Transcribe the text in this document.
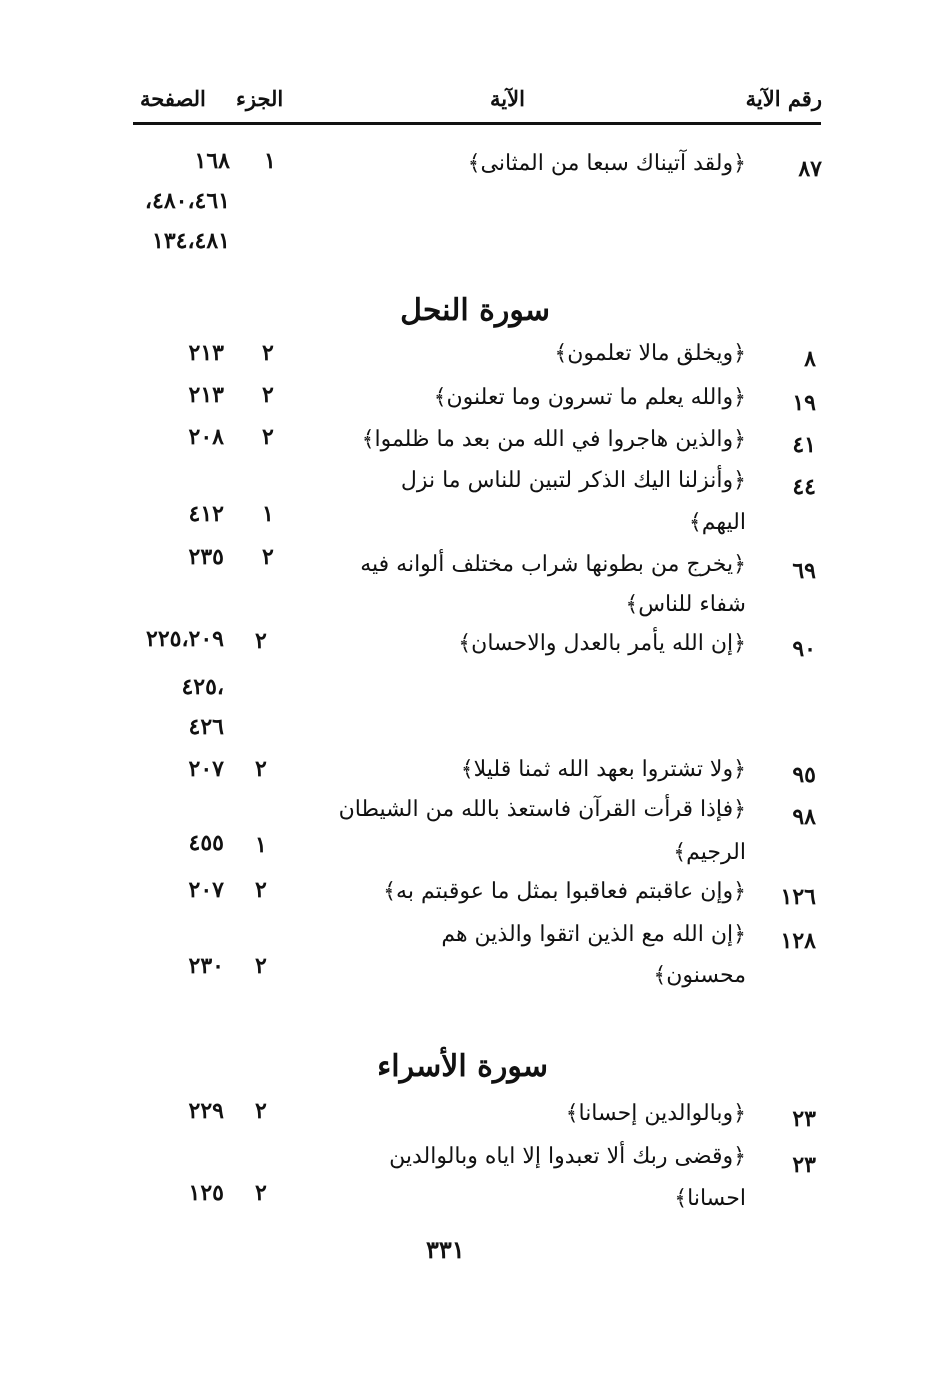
رقم الآية
الآية
الجزء
الصفحة
٨٧
﴿ولقد آتيناك سبعا من المثانى﴾
١
١٦٨
٤٨٠،٤٦١،
١٣٤،٤٨١
سورة النحل
٨
﴿ويخلق مالا تعلمون﴾
٢
٢١٣
١٩
﴿والله يعلم ما تسرون وما تعلنون﴾
٢
٢١٣
٤١
﴿والذين هاجروا في الله من بعد ما ظلموا﴾
٢
٢٠٨
٤٤
﴿وأنزلنا اليك الذكر لتبين للناس ما نزل
اليهم﴾
١
٤١٢
٦٩
﴿يخرج من بطونها شراب مختلف ألوانه فيه
شفاء للناس﴾
٢
٢٣٥
٩٠
﴿إن الله يأمر بالعدل والاحسان﴾
٢
٢٢٥،٢٠٩
،٤٢٥
٤٢٦
٩٥
﴿ولا تشتروا بعهد الله ثمنا قليلا﴾
٢
٢٠٧
٩٨
﴿فإذا قرأت القرآن فاستعذ بالله من الشيطان
الرجيم﴾
١
٤٥٥
١٢٦
﴿وإن عاقبتم فعاقبوا بمثل ما عوقبتم به﴾
٢
٢٠٧
١٢٨
﴿إن الله مع الذين اتقوا والذين هم
محسنون﴾
٢
٢٣٠
سورة الأسراء
٢٣
﴿وبالوالدين إحسانا﴾
٢
٢٢٩
٢٣
﴿وقضى ربك ألا تعبدوا إلا اياه وبالوالدين
احسانا﴾
٢
١٢٥
٣٣١
